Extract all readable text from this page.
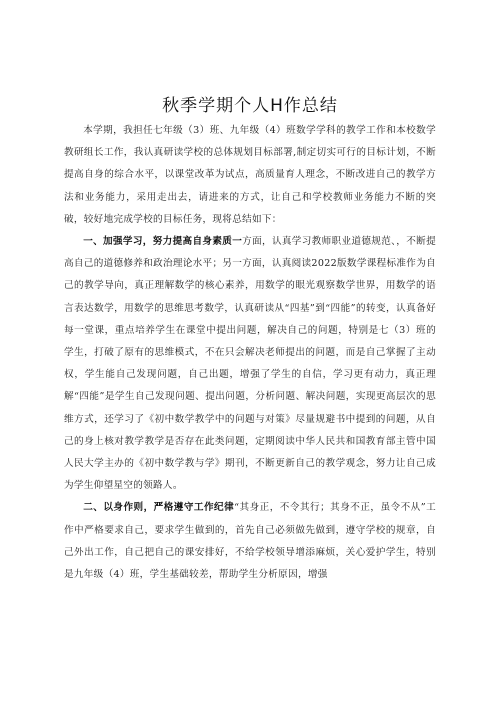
秋季学期个人H作总结

本学期，我担任七年级（3）班、九年级（4）班数学学科的教学工作和本校数学教研组长工作，我认真研读学校的总体规划目标部署,制定切实可行的目标计划，不断提高自身的综合水平，以课堂改革为试点，高质量育人理念，不断改进自己的教学方法和业务能力，采用走出去，请进来的方式，让自己和学校教师业务能力不断的突破，较好地完成学校的目标任务，现将总结如下：

一、加强学习，努力提高自身素质一方面，认真学习教师职业道德规范、，不断提高自己的道德修养和政治理论水平；另一方面，认真阅读2022版数学课程标准作为自己的教学导向，真正理解数学的核心素养，用数学的眼光观察数学世界，用数学的语言表达数学，用数学的思维思考数学，认真研读从“四基”到“四能”的转变，认真备好每一堂课，重点培养学生在课堂中提出问题，解决自己的问题，特别是七（3）班的学生，打破了原有的思维模式，不在只会解决老师提出的问题，而是自己掌握了主动权，学生能自己发现问题，自己出题，增强了学生的自信，学习更有动力，真正理解“四能”是学生自己发现问题、提出问题，分析问题、解决问题，实现更高层次的思维方式，还学习了《初中数学教学中的问题与对策》尽量规避书中提到的问题，从自己的身上核对教学教学是否存在此类问题，定期阅读中华人民共和国教育部主管中国人民大学主办的《初中数学教与学》期刊，不断更新自己的教学观念，努力让自己成为学生仰望星空的领路人。

二、以身作则，严格遵守工作纪律“其身正，不令其行；其身不正，虽令不从”工作中严格要求自己，要求学生做到的，首先自己必须做先做到，遵守学校的规章，自己外出工作，自己把自己的课安排好，不给学校领导增添麻烦，关心爱护学生，特别是九年级（4）班，学生基础较差，帮助学生分析原因，增强
